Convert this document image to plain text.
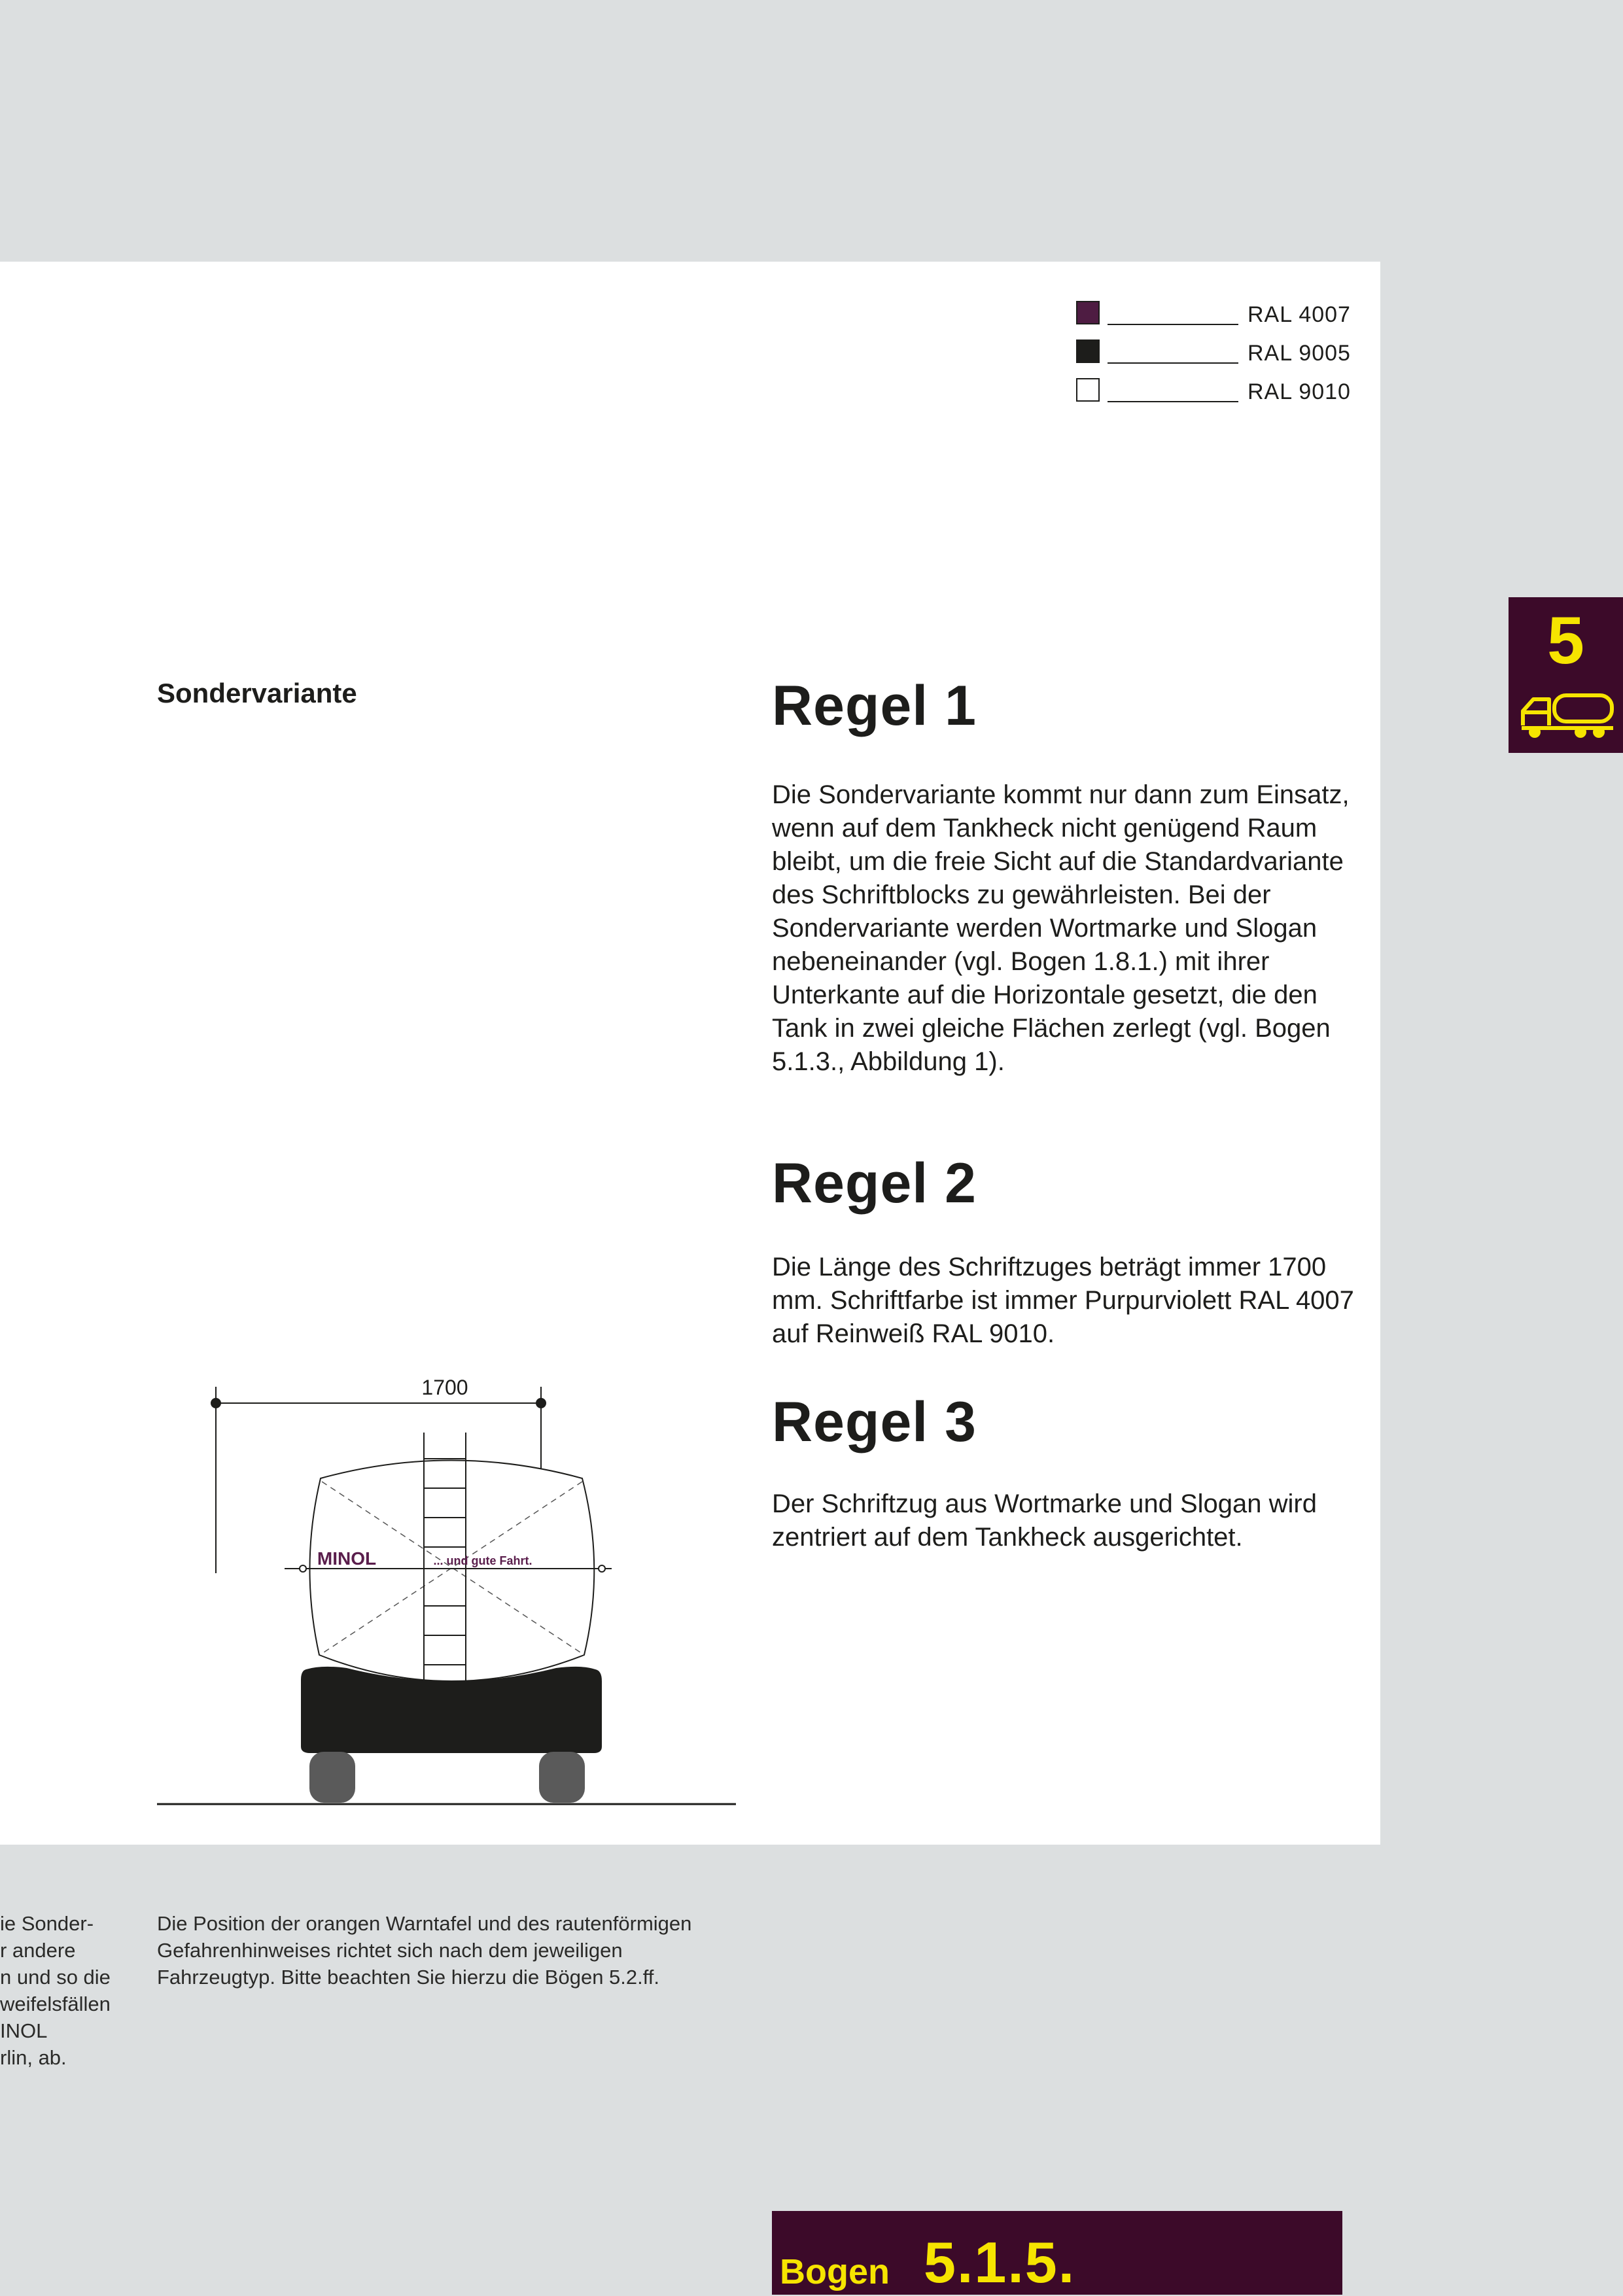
RAL 4007
RAL 9005
RAL 9010
Sondervariante	Regel 1
Die Sondervariante kommt nur dann zum Einsatz,
wenn auf dem Tankheck nicht genügend Raum
bleibt, um die freie Sicht auf die Standardvariante
des Schriftblocks zu gewährleisten. Bei der
Sondervariante werden Wortmarke und Slogan
nebeneinander (vgl. Bogen 1.8.1.) mit ihrer
Unterkante auf die Horizontale gesetzt, die den
Tank in zwei gleiche Flächen zerlegt (vgl. Bogen
5.1.3., Abbildung 1).
Regel 2
Die Länge des Schriftzuges beträgt immer 1700
mm. Schriftfarbe ist immer Purpurviolett RAL 4007
auf Reinweiß RAL 9010.
Regel 3
Der Schriftzug aus Wortmarke und Slogan wird
zentriert auf dem Tankheck ausgerichtet.
1700
MINOL	... und gute Fahrt.
ie Sonder-
r andere
n und so die
weifelsfällen
INOL
rlin, ab.
Die Position der orangen Warntafel und des rautenförmigen
Gefahrenhinweises richtet sich nach dem jeweiligen
Fahrzeugtyp. Bitte beachten Sie hierzu die Bögen 5.2.ff.
5
Bogen 5.1.5.
